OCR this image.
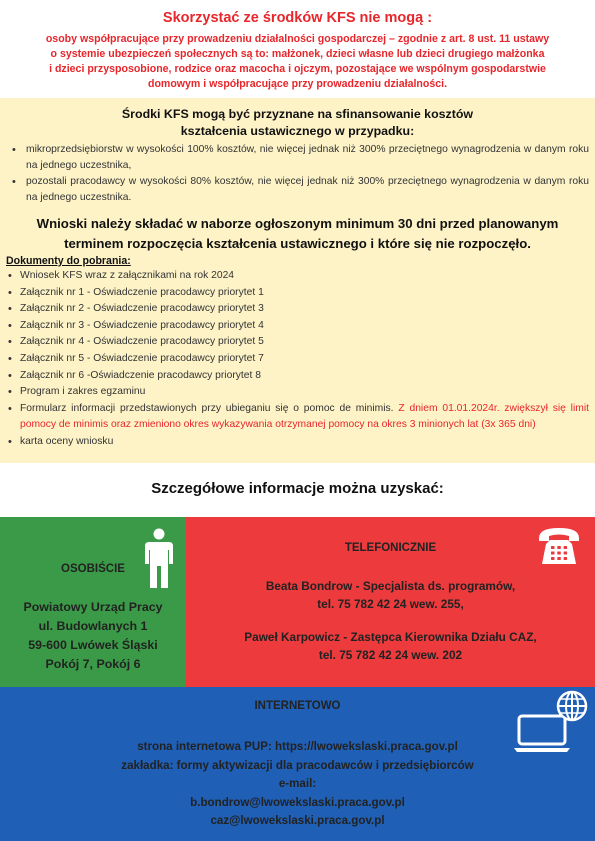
Skorzystać ze środków KFS nie mogą :
osoby współpracujące przy prowadzeniu działalności gospodarczej – zgodnie z art. 8 ust. 11 ustawy
o systemie ubezpieczeń społecznych są to: małżonek, dzieci własne lub dzieci drugiego małżonka
i dzieci przysposobione, rodzice oraz macocha i ojczym, pozostające we wspólnym gospodarstwie
domowym i współpracujące przy prowadzeniu działalności.
Środki KFS mogą być przyznane na sfinansowanie kosztów
kształcenia ustawicznego w przypadku:
• mikroprzedsiębiorstw w wysokości 100% kosztów, nie więcej jednak niż 300% przeciętnego wynagrodzenia w danym roku na jednego uczestnika,
• pozostali pracodawcy w wysokości 80% kosztów, nie więcej jednak niż 300% przeciętnego wynagrodzenia w danym roku na jednego uczestnika.
Wnioski należy składać w naborze ogłoszonym minimum 30 dni przed planowanym
terminem rozpoczęcia kształcenia ustawicznego i które się nie rozpoczęło.
Dokumenty do pobrania:
• Wniosek KFS wraz z załącznikami na rok 2024
• Załącznik nr 1 - Oświadczenie pracodawcy priorytet 1
• Załącznik nr 2 - Oświadczenie pracodawcy priorytet 3
• Załącznik nr 3 - Oświadczenie pracodawcy priorytet 4
• Załącznik nr 4 - Oświadczenie pracodawcy priorytet 5
• Załącznik nr 5 - Oświadczenie pracodawcy priorytet 7
• Załącznik nr 6 -Oświadczenie pracodawcy priorytet 8
• Program i zakres egzaminu
• Formularz informacji przedstawionych przy ubieganiu się o pomoc de minimis. Z dniem 01.01.2024r. zwiększył się limit pomocy de minimis oraz zmieniono okres wykazywania otrzymanej pomocy na okres 3 minionych lat (3x 365 dni)
• karta oceny wniosku
Szczegółowe informacje można uzyskać:
OSOBIŚCIE
Powiatowy Urząd Pracy
ul. Budowlanych 1
59-600 Lwówek Śląski
Pokój 7, Pokój 6
TELEFONICZNIE
Beata Bondrow - Specjalista ds. programów,
tel. 75 782 42 24 wew. 255,
Paweł Karpowicz - Zastępca Kierownika Działu CAZ,
tel. 75 782 42 24 wew. 202
INTERNETOWO
strona internetowa PUP: https://lwowekslaski.praca.gov.pl
zakładka: formy aktywizacji dla pracodawców i przedsiębiorców
e-mail:
b.bondrow@lwowekslaski.praca.gov.pl
caz@lwowekslaski.praca.gov.pl
